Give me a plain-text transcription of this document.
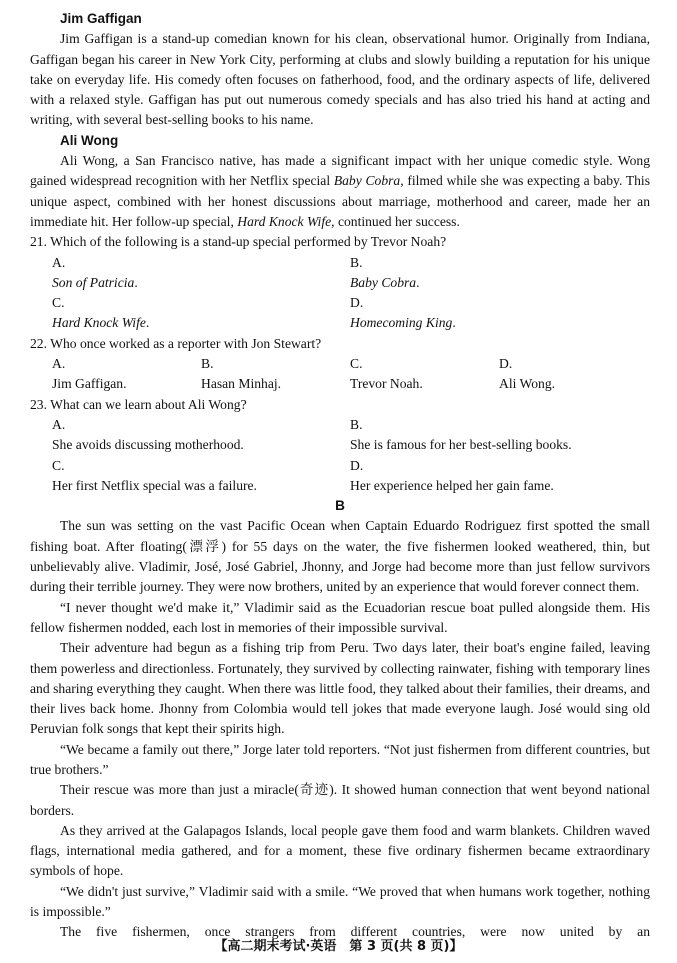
Jim Gaffigan

Jim Gaffigan is a stand-up comedian known for his clean, observational humor. Originally from Indiana, Gaffigan began his career in New York City, performing at clubs and slowly building a reputation for his unique take on everyday life. His comedy often focuses on fatherhood, food, and the ordinary aspects of life, delivered with a relaxed style. Gaffigan has put out numerous comedy specials and has also tried his hand at acting and writing, with several best-selling books to his name.

Ali Wong

Ali Wong, a San Francisco native, has made a significant impact with her unique comedic style. Wong gained widespread recognition with her Netflix special Baby Cobra, filmed while she was expecting a baby. This unique aspect, combined with her honest discussions about marriage, motherhood and career, made her an immediate hit. Her follow-up special, Hard Knock Wife, continued her success.

21. Which of the following is a stand-up special performed by Trevor Noah?
A.Son of Patricia.
B.Baby Cobra.
C.Hard Knock Wife.
D.Homecoming King.
22. Who once worked as a reporter with Jon Stewart?
A.Jim Gaffigan.
B.Hasan Minhaj.
C.Trevor Noah.
D.Ali Wong.
23. What can we learn about Ali Wong?
A.She avoids discussing motherhood.
B.She is famous for her best-selling books.
C.Her first Netflix special was a failure.
D.Her experience helped her gain fame.
B

The sun was setting on the vast Pacific Ocean when Captain Eduardo Rodriguez first spotted the small fishing boat. After floating(漂浮) for 55 days on the water, the five fishermen looked weathered, thin, but unbelievably alive. Vladimir, José, José Gabriel, Jhonny, and Jorge had become more than just fellow survivors during their terrible journey. They were now brothers, united by an experience that would forever connect them.

“I never thought we'd make it,” Vladimir said as the Ecuadorian rescue boat pulled alongside them. His fellow fishermen nodded, each lost in memories of their impossible survival.

Their adventure had begun as a fishing trip from Peru. Two days later, their boat's engine failed, leaving them powerless and directionless. Fortunately, they survived by collecting rainwater, fishing with temporary lines and sharing everything they caught. When there was little food, they talked about their families, their dreams, and their lives back home. Jhonny from Colombia would tell jokes that made everyone laugh. José would sing old Peruvian folk songs that kept their spirits high.

“We became a family out there,” Jorge later told reporters. “Not just fishermen from different countries, but true brothers.”

Their rescue was more than just a miracle(奇迹). It showed human connection that went beyond national borders.

As they arrived at the Galapagos Islands, local people gave them food and warm blankets. Children waved flags, international media gathered, and for a moment, these five ordinary fishermen became extraordinary symbols of hope.

“We didn't just survive,” Vladimir said with a smile. “We proved that when humans work together, nothing is impossible.”

The five fishermen, once strangers from different countries, were now united by an

【高二期末考试·英语　第 3 页(共 8 页)】
